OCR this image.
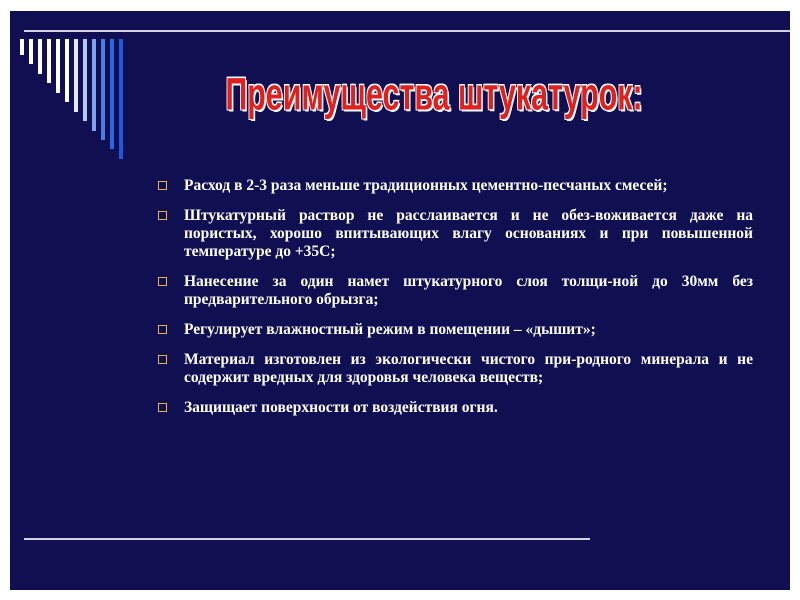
Преимущества штукатурок:
Расход в 2-3 раза меньше традиционных цементно-песчаных смесей;
Штукатурный раствор не расслаивается и не обез-воживается даже на пористых, хорошо впитывающих влагу основаниях и при повышенной температуре до +35С;
Нанесение за один намет штукатурного слоя толщи-ной до 30мм без предварительного обрызга;
Регулирует влажностный режим в помещении – «дышит»;
Материал изготовлен из экологически чистого при-родного минерала и не содержит вредных для здоровья человека веществ;
Защищает поверхности от воздействия огня.
